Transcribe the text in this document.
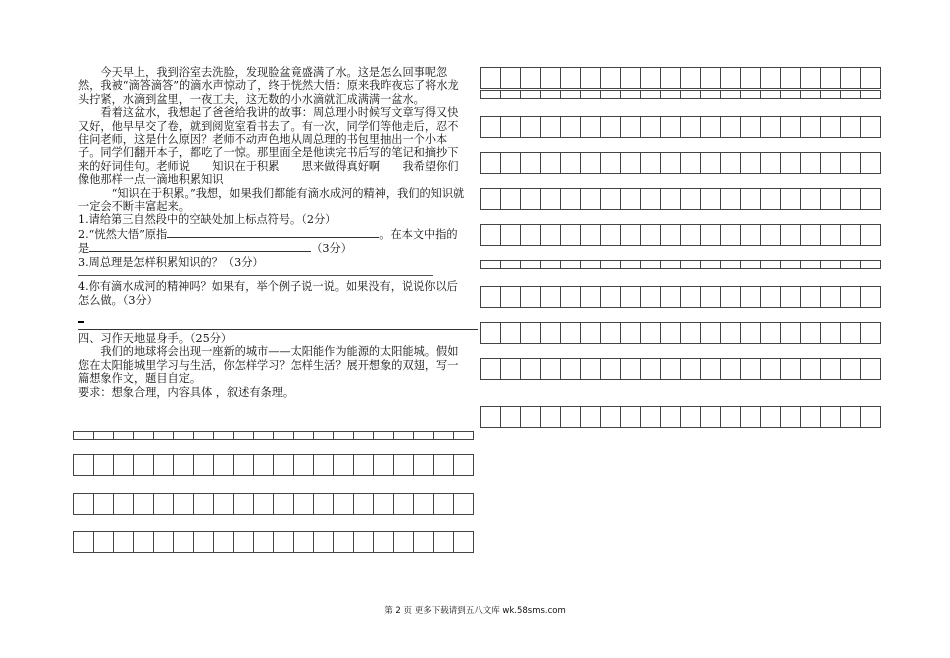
今天早上，我到浴室去洗脸，发现脸盆竟盛满了水。这是怎么回事呢忽然，我被“滴答滴答”的滴水声惊动了，终于恍然大悟：原来我昨夜忘了将水龙头拧紧，水滴到盆里，一夜工夫，这无数的小水滴就汇成满满一盆水。

看着这盆水，我想起了爸爸给我讲的故事：周总理小时候写文章写得又快又好，他早早交了卷，就到阅览室看书去了。有一次，同学们等他走后，忍不住问老师，这是什么原因？老师不动声色地从周总理的书包里抽出一个小本子。同学们翻开本子，都吃了一惊。那里面全是他读完书后写的笔记和摘抄下来的好词佳句。老师说　　知识在于积累　　思来做得真好啊　　我希望你们像他那样一点一滴地积累知识

“知识在于积累。”我想，如果我们都能有滴水成河的精神，我们的知识就一定会不断丰富起来。

1.请给第三自然段中的空缺处加上标点符号。（2分）

2.“恍然大悟”原指	。在本文中指的是	（3分）

3.周总理是怎样积累知识的？（3分）

4.你有滴水成河的精神吗？如果有，举个例子说一说。如果没有，说说你以后怎么做。（3分）

四、习作天地显身手。（25分）

我们的地球将会出现一座新的城市——太阳能作为能源的太阳能城。假如您在太阳能城里学习与生活，你怎样学习？怎样生活？展开想象的双翅，写一篇想象作文，题目自定。

要求：想象合理，内容具体 ，叙述有条理。

第 2 页 更多下载请到五八文库 wk.58sms.com
